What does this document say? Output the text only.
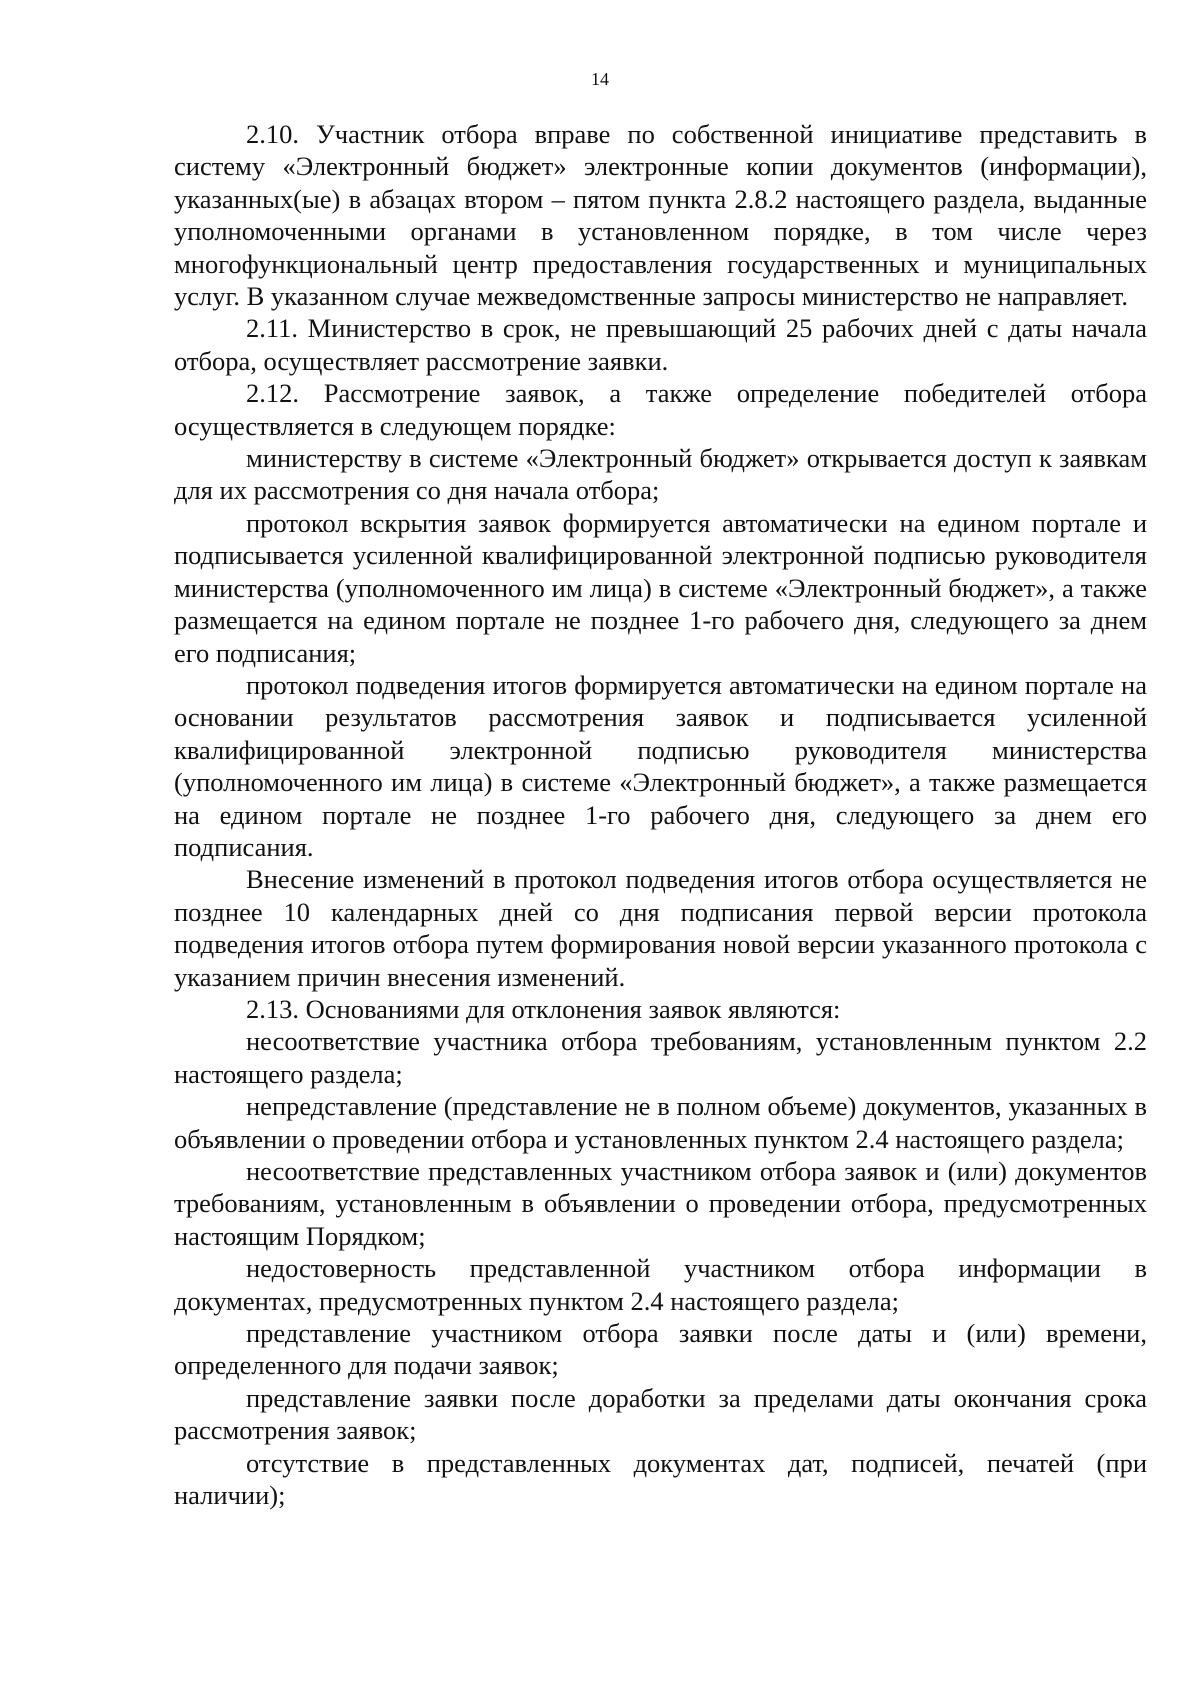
14

2.10. Участник отбора вправе по собственной инициативе представить в систему «Электронный бюджет» электронные копии документов (информации), указанных(ые) в абзацах втором – пятом пункта 2.8.2 настоящего раздела, выданные уполномоченными органами в установленном порядке, в том числе через многофункциональный центр предоставления государственных и муниципальных услуг. В указанном случае межведомственные запросы министерство не направляет.

2.11. Министерство в срок, не превышающий 25 рабочих дней с даты начала отбора, осуществляет рассмотрение заявки.

2.12. Рассмотрение заявок, а также определение победителей отбора осуществляется в следующем порядке:

министерству в системе «Электронный бюджет» открывается доступ к заявкам для их рассмотрения со дня начала отбора;

протокол вскрытия заявок формируется автоматически на едином портале и подписывается усиленной квалифицированной электронной подписью руководителя министерства (уполномоченного им лица) в системе «Электронный бюджет», а также размещается на едином портале не позднее 1-го рабочего дня, следующего за днем его подписания;

протокол подведения итогов формируется автоматически на едином портале на основании результатов рассмотрения заявок и подписывается усиленной квалифицированной электронной подписью руководителя министерства (уполномоченного им лица) в системе «Электронный бюджет», а также размещается на едином портале не позднее 1-го рабочего дня, следующего за днем его подписания.

Внесение изменений в протокол подведения итогов отбора осуществляется не позднее 10 календарных дней со дня подписания первой версии протокола подведения итогов отбора путем формирования новой версии указанного протокола с указанием причин внесения изменений.

2.13. Основаниями для отклонения заявок являются:

несоответствие участника отбора требованиям, установленным пунктом 2.2 настоящего раздела;

непредставление (представление не в полном объеме) документов, указанных в объявлении о проведении отбора и установленных пунктом 2.4 настоящего раздела;

несоответствие представленных участником отбора заявок и (или) документов требованиям, установленным в объявлении о проведении отбора, предусмотренных настоящим Порядком;

недостоверность представленной участником отбора информации в документах, предусмотренных пунктом 2.4 настоящего раздела;

представление участником отбора заявки после даты и (или) времени, определенного для подачи заявок;

представление заявки после доработки за пределами даты окончания срока рассмотрения заявок;

отсутствие в представленных документах дат, подписей, печатей (при наличии);
